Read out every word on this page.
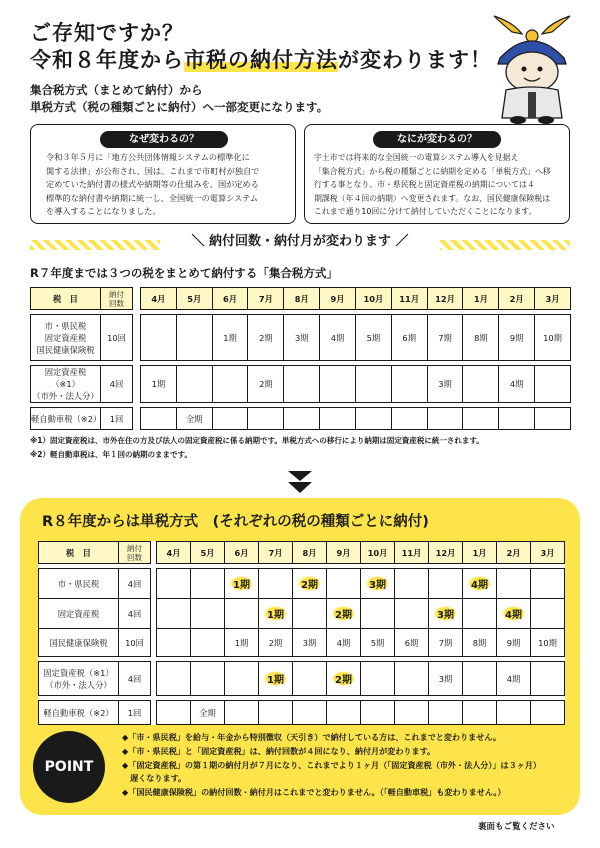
ご存知ですか？
令和８年度から市税の納付方法が変わります！
集合税方式（まとめて納付）から
単税方式（税の種類ごとに納付）へ一部変更になります。
なぜ変わるの？
令和３年５月に「地方公共団体情報システムの標準化に
関する法律」が公布され、国は、これまで市町村が独自で
定めていた納付書の様式や納期等の仕組みを、国が定める
標準的な納付書や納期に統一し、全国統一の電算システム
を導入することになりました。
なにが変わるの？
宇土市では将来的な全国統一の電算システム導入を見据え
「集合税方式」から税の種類ごとに納期を定める「単税方式」へ移
行する事となり、市・県民税と固定資産税の納期については４
期課税（年４回の納期）へ変更されます。なお、国民健康保険税は
これまで通り10回に分けて納付していただくことになります。
＼ 納付回数・納付月が変わります ／
R７年度までは３つの税をまとめて納付する「集合税方式」
税　目	納付
回数		4月	5月	6月	7月	8月	9月	10月	11月	12月	1月	2月	3月

市・県民税
固定資産税
国民健康保険税	10回				1期	2期	3期	4期	5期	6期	7期	8期	9期	10期

固定資産税（※1）
（市外・法人分）	4回		1期			2期					3期		4期	

軽自動車税（※2）	1回			全期										
※1）固定資産税は、市外在住の方及び法人の固定資産税に係る納期です。単税方式への移行により納期は固定資産税に統一されます。
※2）軽自動車税は、年１回の納期のままです。
R８年度からは単税方式　(それぞれの税の種類ごとに納付)
税　目	納付
回数		4月	5月	6月	7月	8月	9月	10月	11月	12月	1月	2月	3月

市・県民税	4回				1期		2期		3期			4期		
固定資産税	4回					1期		2期			3期		4期	
国民健康保険税	10回				1期	2期	3期	4期	5期	6期	7期	8期	9期	10期

固定資産税（※1）
（市外・法人分）	4回					1期		2期			3期		4期	

軽自動車税（※2）	1回			全期										
POINT
◆「市・県民税」を給与・年金から特別徴収（天引き）で納付している方は、これまでと変わりません。
◆「市・県民税」と「固定資産税」は、納付回数が４回になり、納付月が変わります。
◆「固定資産税」の第１期の納付月が７月になり、これまでより１ヶ月（「固定資産税（市外・法人分）」は３ヶ月）
　遅くなります。
◆「国民健康保険税」の納付回数・納付月はこれまでと変わりません。（「軽自動車税」も変わりません。）
裏面もご覧ください
